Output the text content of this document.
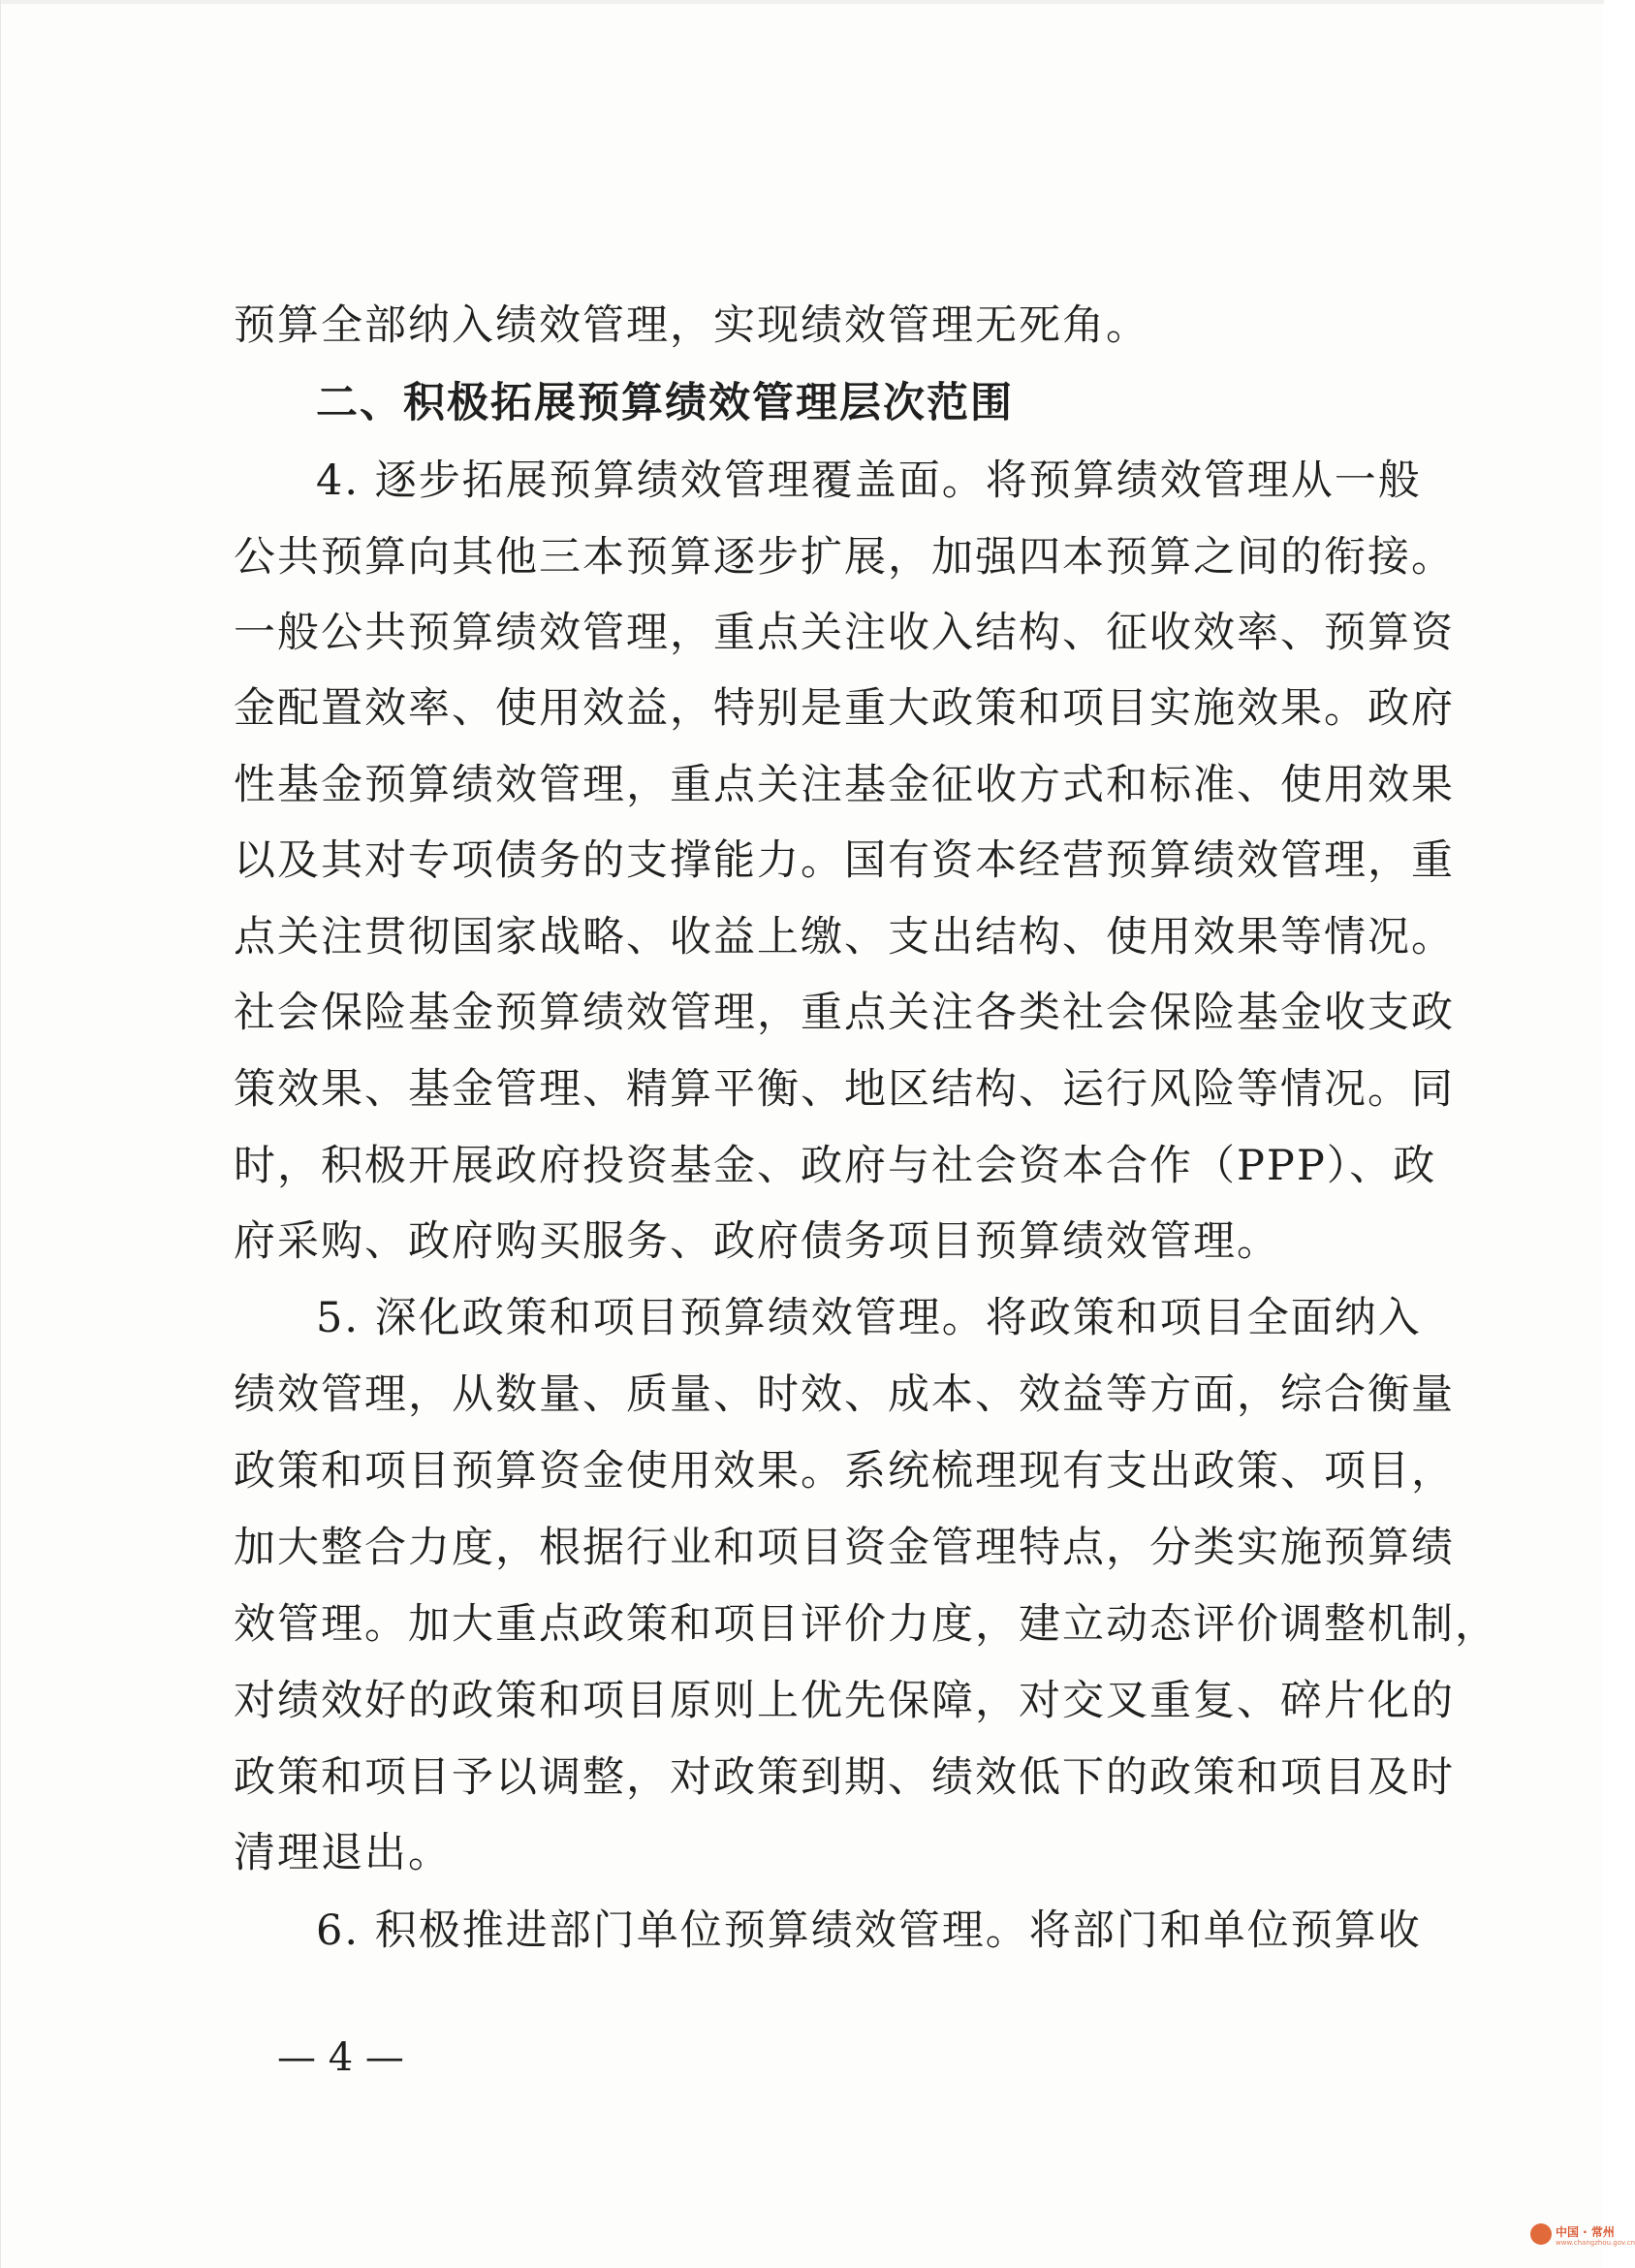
预算全部纳入绩效管理，实现绩效管理无死角。
二、积极拓展预算绩效管理层次范围
4. 逐步拓展预算绩效管理覆盖面。将预算绩效管理从一般
公共预算向其他三本预算逐步扩展，加强四本预算之间的衔接。
一般公共预算绩效管理，重点关注收入结构、征收效率、预算资
金配置效率、使用效益，特别是重大政策和项目实施效果。政府
性基金预算绩效管理，重点关注基金征收方式和标准、使用效果
以及其对专项债务的支撑能力。国有资本经营预算绩效管理，重
点关注贯彻国家战略、收益上缴、支出结构、使用效果等情况。
社会保险基金预算绩效管理，重点关注各类社会保险基金收支政
策效果、基金管理、精算平衡、地区结构、运行风险等情况。同
时，积极开展政府投资基金、政府与社会资本合作（PPP）、政
府采购、政府购买服务、政府债务项目预算绩效管理。
5. 深化政策和项目预算绩效管理。将政策和项目全面纳入
绩效管理，从数量、质量、时效、成本、效益等方面，综合衡量
政策和项目预算资金使用效果。系统梳理现有支出政策、项目，
加大整合力度，根据行业和项目资金管理特点，分类实施预算绩
效管理。加大重点政策和项目评价力度，建立动态评价调整机制，
对绩效好的政策和项目原则上优先保障，对交叉重复、碎片化的
政策和项目予以调整，对政策到期、绩效低下的政策和项目及时
清理退出。
6. 积极推进部门单位预算绩效管理。将部门和单位预算收
— 4 —
中国 · 常州
www.changzhou.gov.cn
